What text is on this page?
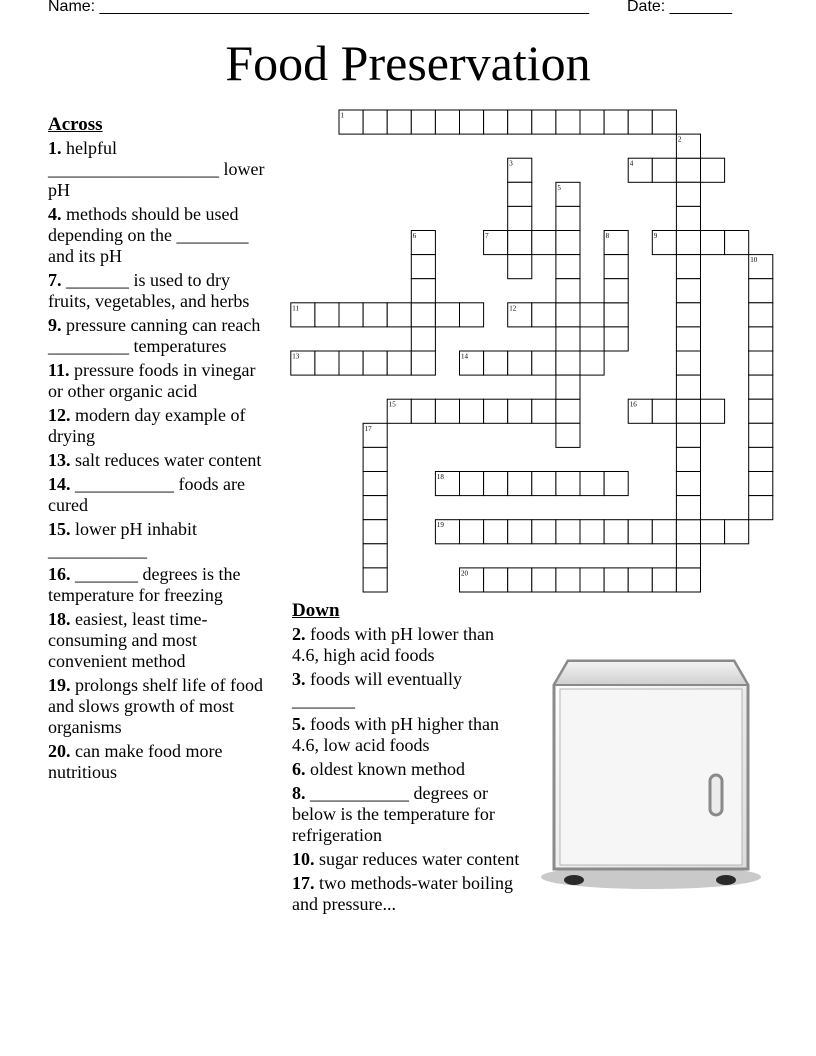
Name: _______________________________________________________ Date: _______
Food Preservation
1
2
3	4
5
6	7	8	9
10
11	12
13	14
15	16
17
18
19
20
Across
1. helpful ___________________ lower pH
4. methods should be used depending on the ________ and its pH
7. _______ is used to dry fruits, vegetables, and herbs
9. pressure canning can reach _________ temperatures
11. pressure foods in vinegar or other organic acid
12. modern day example of drying
13. salt reduces water content
14. ___________ foods are cured
15. lower pH inhabit ___________
16. _______ degrees is the temperature for freezing
18. easiest, least time-consuming and most convenient method
19. prolongs shelf life of food and slows growth of most organisms
20. can make food more nutritious
Down
2. foods with pH lower than 4.6, high acid foods
3. foods will eventually _______
5. foods with pH higher than 4.6, low acid foods
6. oldest known method
8. ___________ degrees or below is the temperature for refrigeration
10. sugar reduces water content
17. two methods-water boiling and pressure...
